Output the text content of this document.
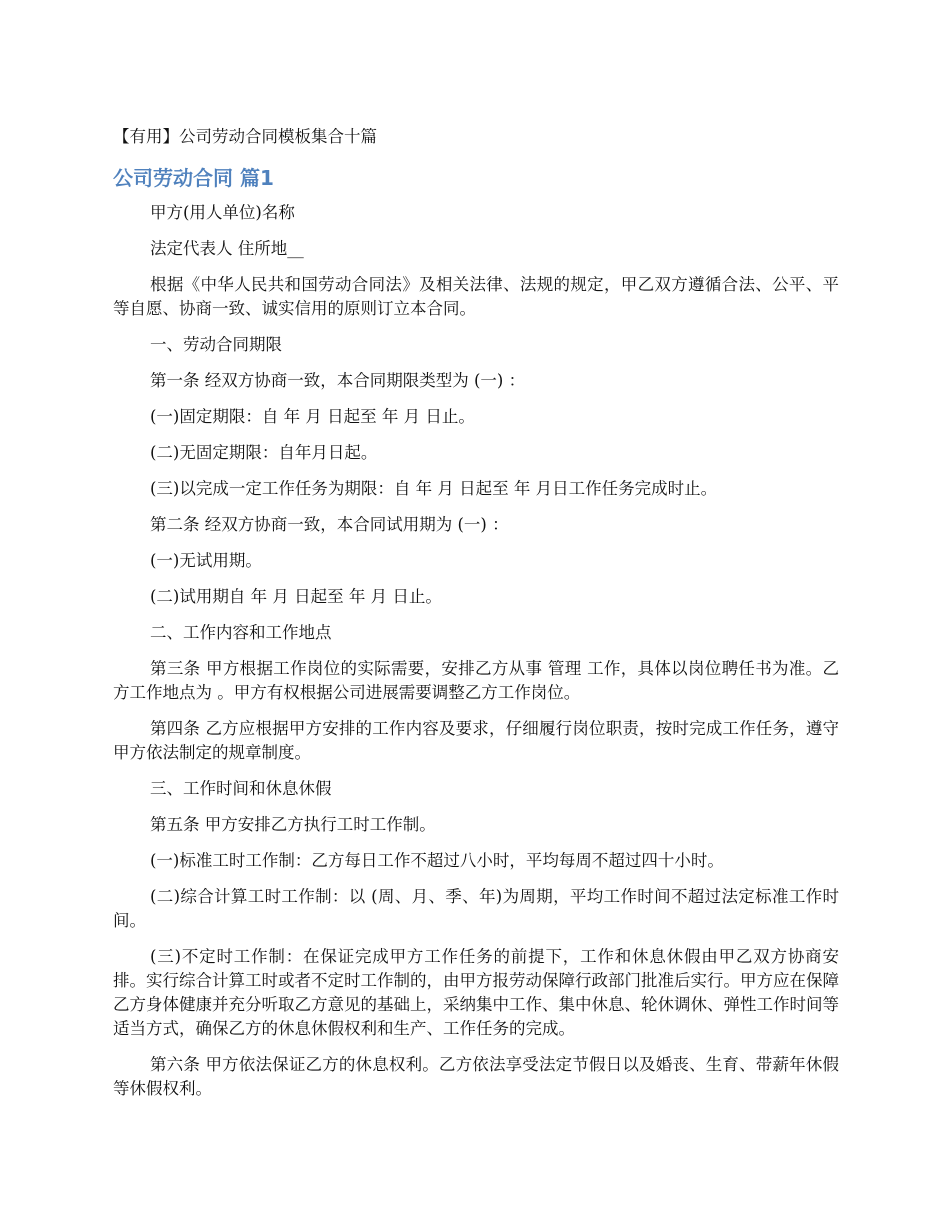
【有用】公司劳动合同模板集合十篇
公司劳动合同 篇1

甲方(用人单位)名称

法定代表人 住所地__

根据《中华人民共和国劳动合同法》及相关法律、法规的规定，甲乙双方遵循合法、公平、平等自愿、协商一致、诚实信用的原则订立本合同。

一、劳动合同期限

第一条 经双方协商一致，本合同期限类型为 (一) ：

(一)固定期限：自 年 月 日起至 年 月 日止。

(二)无固定期限：自年月日起。

(三)以完成一定工作任务为期限：自 年 月 日起至 年 月日工作任务完成时止。

第二条 经双方协商一致，本合同试用期为 (一) ：

(一)无试用期。

(二)试用期自 年 月 日起至 年 月 日止。

二、工作内容和工作地点

第三条 甲方根据工作岗位的实际需要，安排乙方从事 管理 工作，具体以岗位聘任书为准。乙方工作地点为 。甲方有权根据公司进展需要调整乙方工作岗位。

第四条 乙方应根据甲方安排的工作内容及要求，仔细履行岗位职责，按时完成工作任务，遵守甲方依法制定的规章制度。

三、工作时间和休息休假

第五条 甲方安排乙方执行工时工作制。

(一)标准工时工作制：乙方每日工作不超过八小时，平均每周不超过四十小时。

(二)综合计算工时工作制：以 (周、月、季、年)为周期，平均工作时间不超过法定标准工作时间。

(三)不定时工作制：在保证完成甲方工作任务的前提下，工作和休息休假由甲乙双方协商安排。实行综合计算工时或者不定时工作制的，由甲方报劳动保障行政部门批准后实行。甲方应在保障乙方身体健康并充分听取乙方意见的基础上，采纳集中工作、集中休息、轮休调休、弹性工作时间等适当方式，确保乙方的休息休假权利和生产、工作任务的完成。

第六条 甲方依法保证乙方的休息权利。乙方依法享受法定节假日以及婚丧、生育、带薪年休假等休假权利。
